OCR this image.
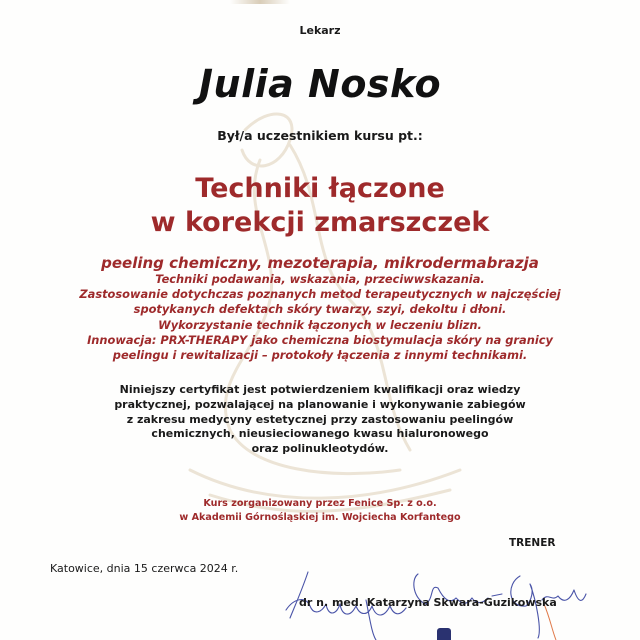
Lekarz
Julia Nosko
Był/a uczestnikiem kursu pt.:
Techniki łączone
w korekcji zmarszczek
peeling chemiczny, mezoterapia, mikrodermabrazja
Techniki podawania, wskazania, przeciwwskazania.
Zastosowanie dotychczas poznanych metod terapeutycznych w najczęściej
spotykanych defektach skóry twarzy, szyi, dekoltu i dłoni.
Wykorzystanie technik łączonych w leczeniu blizn.
Innowacja: PRX-THERAPY jako chemiczna biostymulacja skóry na granicy
peelingu i rewitalizacji – protokoły łączenia z innymi technikami.
Niniejszy certyfikat jest potwierdzeniem kwalifikacji oraz wiedzy
praktycznej, pozwalającej na planowanie i wykonywanie zabiegów
z zakresu medycyny estetycznej przy zastosowaniu peelingów
chemicznych, nieusieciowanego kwasu hialuronowego
oraz polinukleotydów.
Kurs zorganizowany przez Fenice Sp. z o.o.
w Akademii Górnośląskiej im. Wojciecha Korfantego
TRENER
Katowice, dnia 15 czerwca 2024 r.
dr n. med. Katarzyna Skwara-Guzikowska
